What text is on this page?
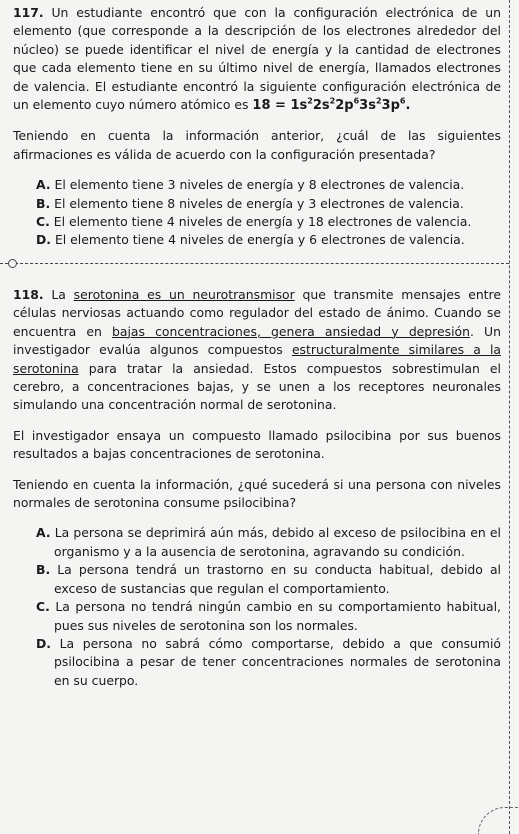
117. Un estudiante encontró que con la configuración electrónica de un elemento (que corresponde a la descripción de los electrones alrededor del núcleo) se puede identificar el nivel de energía y la cantidad de electrones que cada elemento tiene en su último nivel de energía, llamados electrones de valencia. El estudiante encontró la siguiente configuración electrónica de un elemento cuyo número atómico es $18 = 1s^22s^22p^63s^23p^6$.

Teniendo en cuenta la información anterior, ¿cuál de las siguientes afirmaciones es válida de acuerdo con la configuración presentada?

A. El elemento tiene 3 niveles de energía y 8 electrones de valencia.
B. El elemento tiene 8 niveles de energía y 3 electrones de valencia.
C. El elemento tiene 4 niveles de energía y 18 electrones de valencia.
D. El elemento tiene 4 niveles de energía y 6 electrones de valencia.

118. La serotonina es un neurotransmisor que transmite mensajes entre células nerviosas actuando como regulador del estado de ánimo. Cuando se encuentra en bajas concentraciones, genera ansiedad y depresión. Un investigador evalúa algunos compuestos estructuralmente similares a la serotonina para tratar la ansiedad. Estos compuestos sobrestimulan el cerebro, a concentraciones bajas, y se unen a los receptores neuronales simulando una concentración normal de serotonina.

El investigador ensaya un compuesto llamado psilocibina por sus buenos resultados a bajas concentraciones de serotonina.

Teniendo en cuenta la información, ¿qué sucederá si una persona con niveles normales de serotonina consume psilocibina?

A. La persona se deprimirá aún más, debido al exceso de psilocibina en el organismo y a la ausencia de serotonina, agravando su condición.
B. La persona tendrá un trastorno en su conducta habitual, debido al exceso de sustancias que regulan el comportamiento.
C. La persona no tendrá ningún cambio en su comportamiento habitual, pues sus niveles de serotonina son los normales.
D. La persona no sabrá cómo comportarse, debido a que consumió psilocibina a pesar de tener concentraciones normales de serotonina en su cuerpo.
